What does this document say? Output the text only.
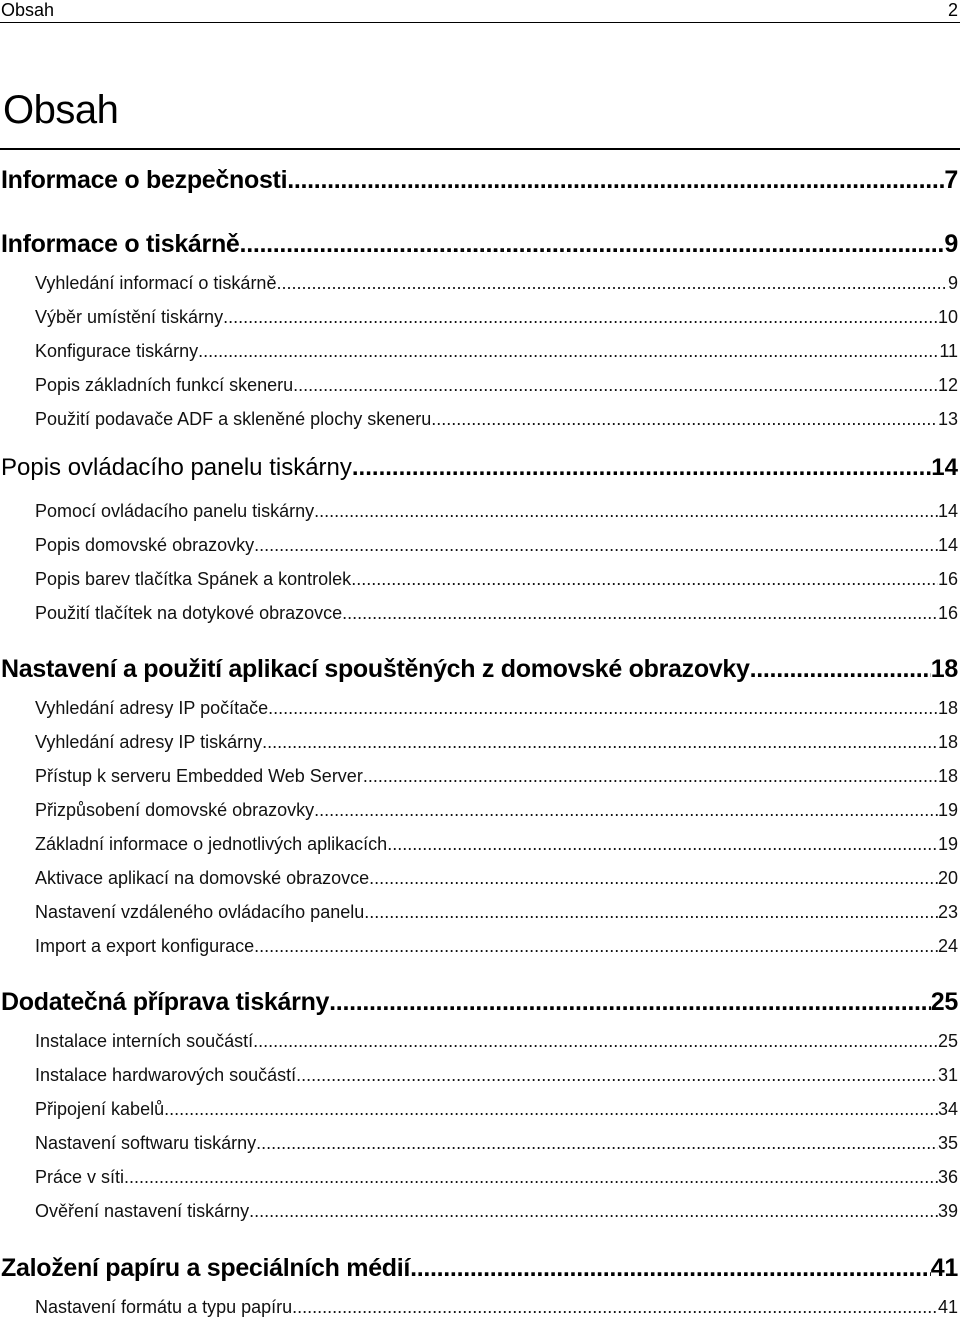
Obsah	2
Obsah
Informace o bezpečnosti .....	7
Informace o tiskárně .....	9
Vyhledání informací o tiskárně .....	9
Výběr umístění tiskárny .....	10
Konfigurace tiskárny .....	11
Popis základních funkcí skeneru .....	12
Použití podavače ADF a skleněné plochy skeneru .....	13
Popis ovládacího panelu tiskárny .....	14
Pomocí ovládacího panelu tiskárny .....	14
Popis domovské obrazovky .....	14
Popis barev tlačítka Spánek a kontrolek .....	16
Použití tlačítek na dotykové obrazovce .....	16
Nastavení a použití aplikací spouštěných z domovské obrazovky .....	18
Vyhledání adresy IP počítače .....	18
Vyhledání adresy IP tiskárny .....	18
Přístup k serveru Embedded Web Server .....	18
Přizpůsobení domovské obrazovky .....	19
Základní informace o jednotlivých aplikacích .....	19
Aktivace aplikací na domovské obrazovce .....	20
Nastavení vzdáleného ovládacího panelu .....	23
Import a export konfigurace .....	24
Dodatečná příprava tiskárny .....	25
Instalace interních součástí .....	25
Instalace hardwarových součástí .....	31
Připojení kabelů .....	34
Nastavení softwaru tiskárny .....	35
Práce v síti .....	36
Ověření nastavení tiskárny .....	39
Založení papíru a speciálních médií .....	41
Nastavení formátu a typu papíru .....	41
